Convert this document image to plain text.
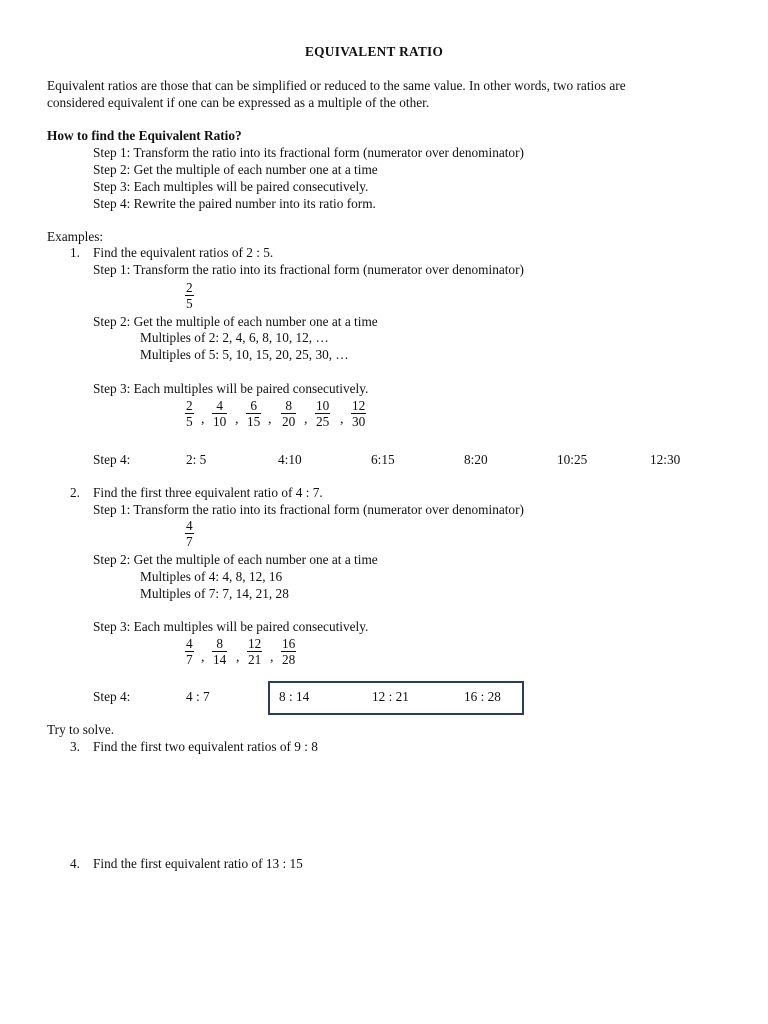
EQUIVALENT RATIO
Equivalent ratios are those that can be simplified or reduced to the same value. In other words, two ratios are
considered equivalent if one can be expressed as a multiple of the other.
How to find the Equivalent Ratio?
Step 1: Transform the ratio into its fractional form (numerator over denominator)
Step 2: Get the multiple of each number one at a time
Step 3: Each multiples will be paired consecutively.
Step 4: Rewrite the paired number into its ratio form.
Examples:
1. Find the equivalent ratios of 2 : 5.
Step 1: Transform the ratio into its fractional form (numerator over denominator)
2
5
Step 2: Get the multiple of each number one at a time
Multiples of 2: 2, 4, 6, 8, 10, 12, …
Multiples of 5: 5, 10, 15, 20, 25, 30, …
Step 3: Each multiples will be paired consecutively.
2
5 ,
4
10 ,
6
15 ,
8
20 ,
10
25 ,
12
30
Step 4:	2: 5	4:10	6:15	8:20	10:25	12:30
2. Find the first three equivalent ratio of 4 : 7.
Step 1: Transform the ratio into its fractional form (numerator over denominator)
4
7
Step 2: Get the multiple of each number one at a time
Multiples of 4: 4, 8, 12, 16
Multiples of 7: 7, 14, 21, 28
Step 3: Each multiples will be paired consecutively.
4
7 ,
8
14 ,
12
21 ,
16
28
Step 4:	4 : 7	8 : 14	12 : 21	16 : 28
Try to solve.
3. Find the first two equivalent ratios of 9 : 8
4. Find the first equivalent ratio of 13 : 15
